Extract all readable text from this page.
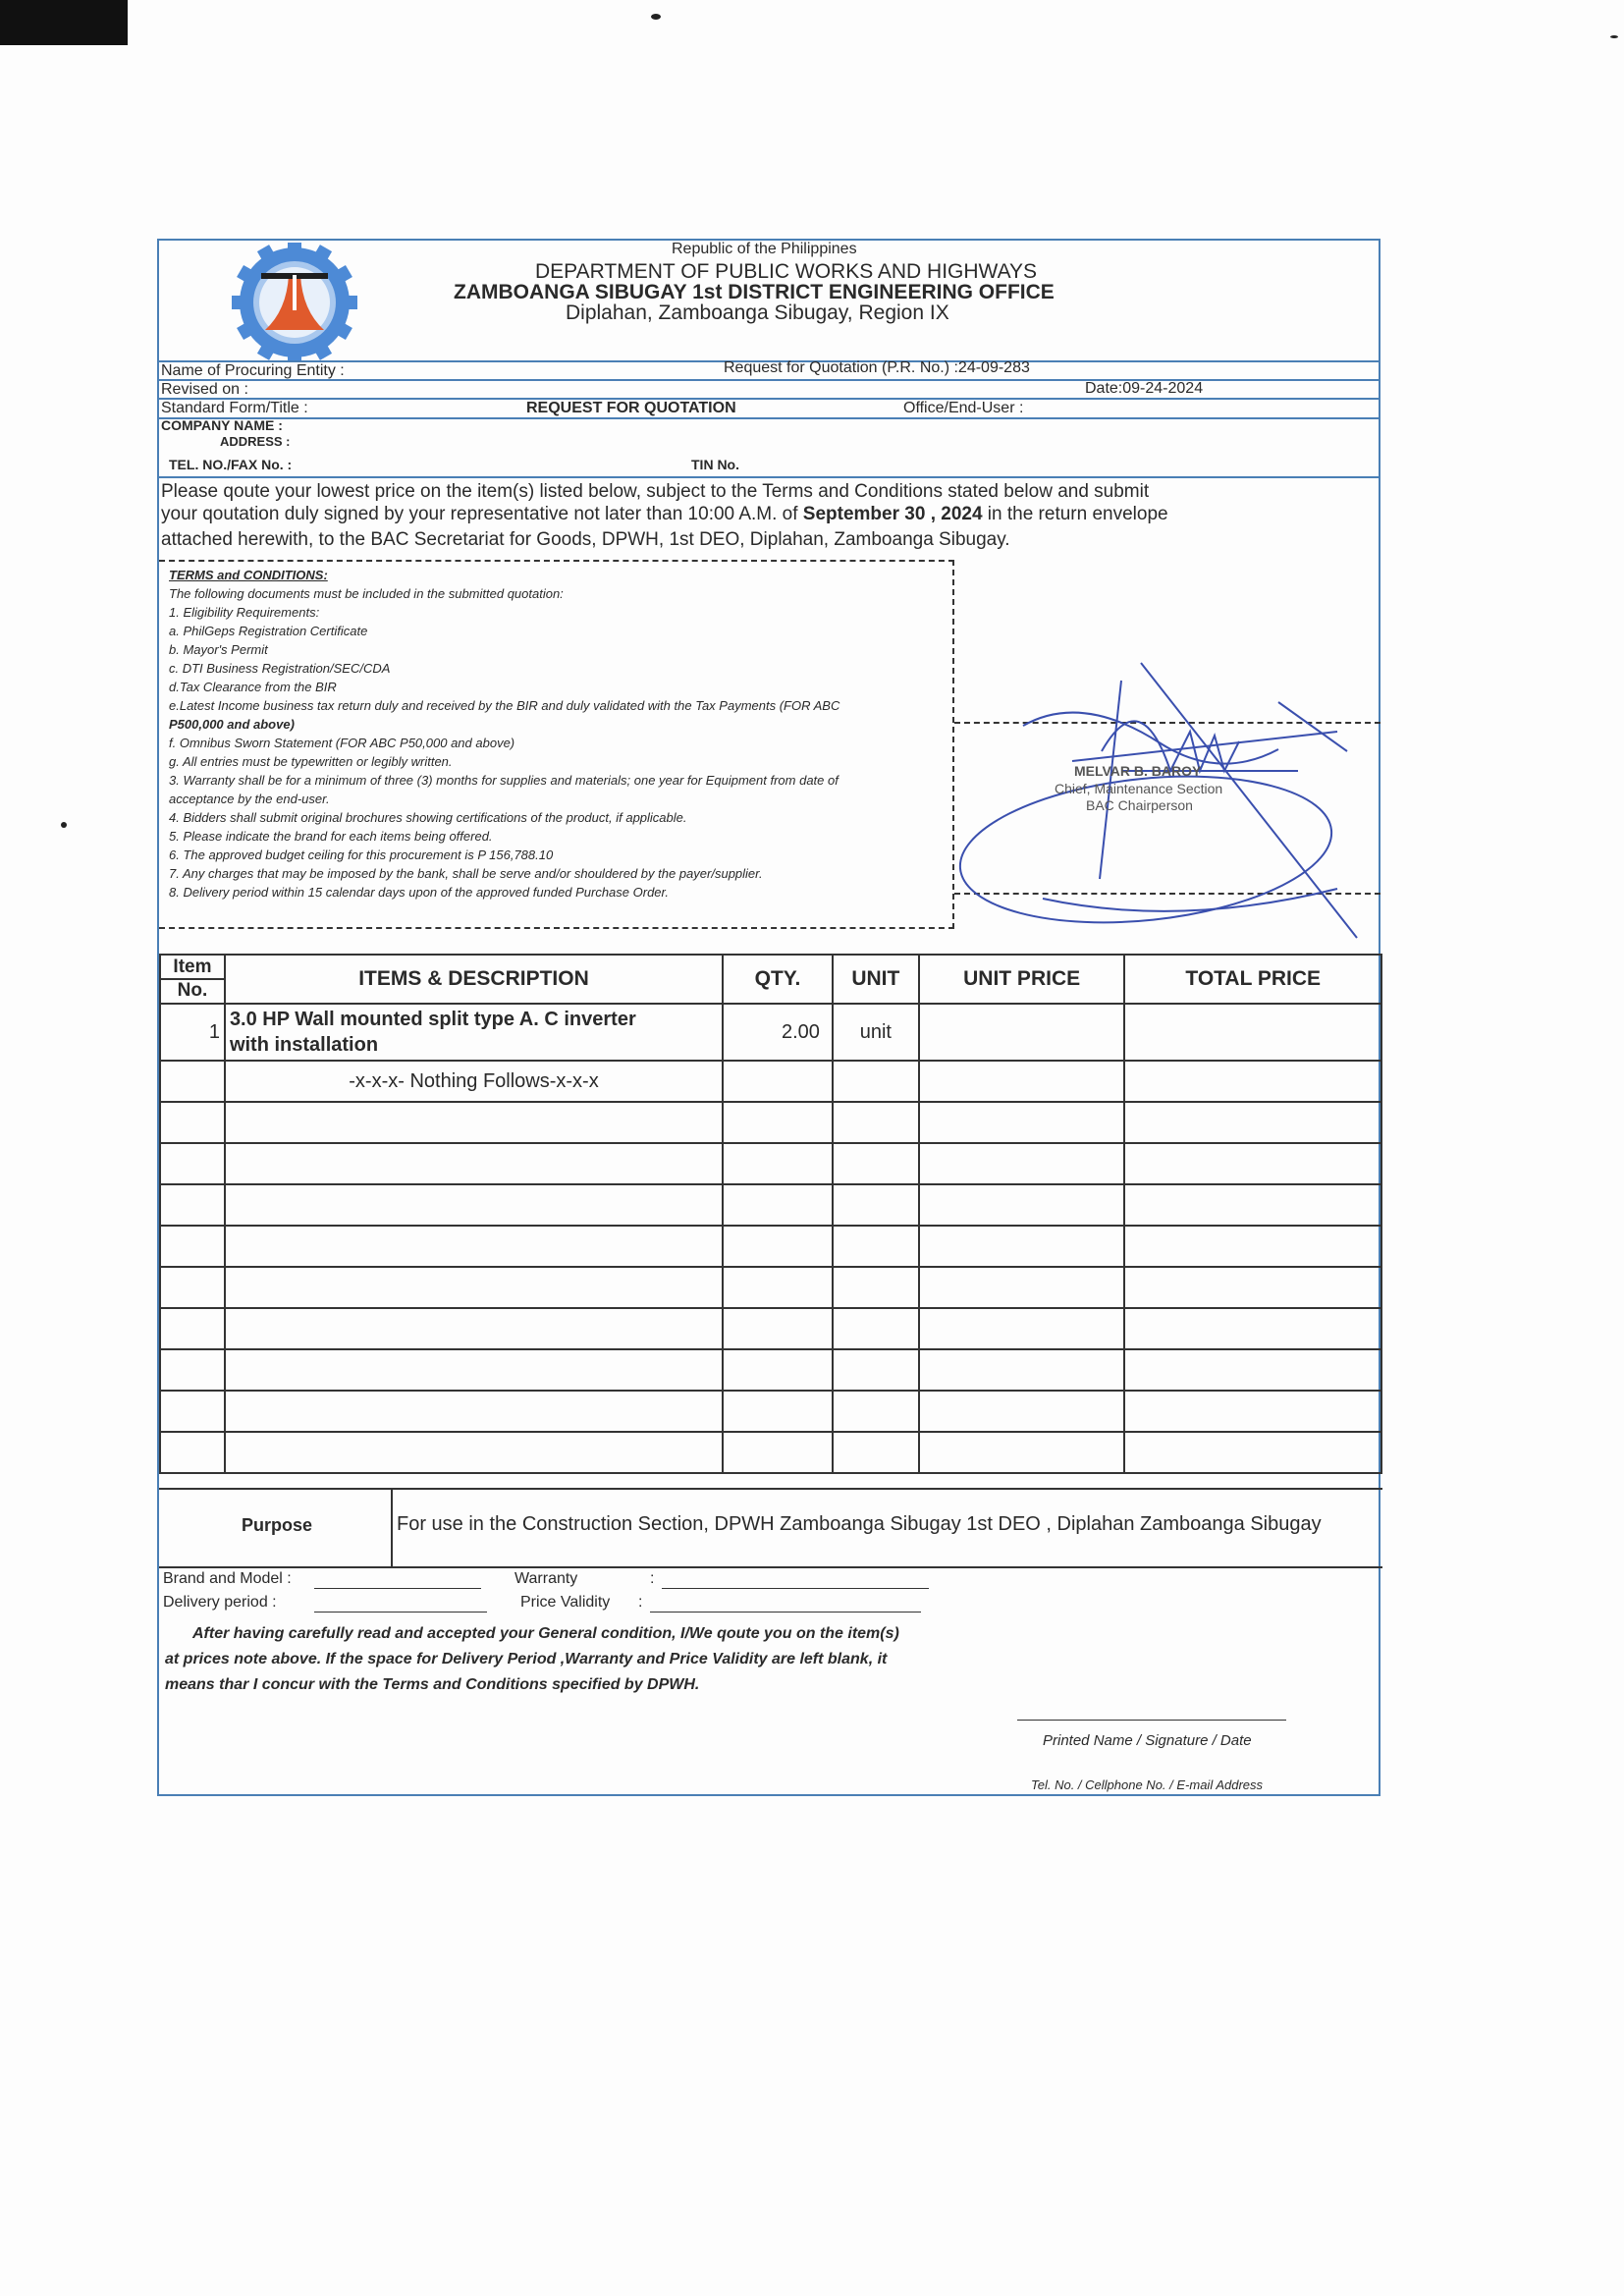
Republic of the Philippines
DEPARTMENT OF PUBLIC WORKS AND HIGHWAYS
ZAMBOANGA SIBUGAY 1st DISTRICT ENGINEERING OFFICE
Diplahan, Zamboanga Sibugay, Region IX
Name of Procuring Entity :	Request for Quotation (P.R. No.) :24-09-283
Revised on :	Date:09-24-2024
Standard Form/Title :	REQUEST FOR QUOTATION	Office/End-User :
COMPANY NAME :
ADDRESS :
TEL. NO./FAX No. :	TIN No.
Please qoute your lowest price on the item(s) listed below, subject to the Terms and Conditions stated below and submit
your qoutation duly signed by your representative not later than 10:00 A.M. of September 30 , 2024 in the return envelope
attached herewith, to the BAC Secretariat for Goods, DPWH, 1st DEO, Diplahan, Zamboanga Sibugay.
TERMS and CONDITIONS:
The following documents must be included in the submitted quotation:
1. Eligibility Requirements:
a. PhilGeps Registration Certificate
b. Mayor's Permit
c. DTI Business Registration/SEC/CDA
d.Tax Clearance from the BIR
e.Latest Income business tax return duly and received by the BIR and duly validated with the Tax Payments (FOR ABC
P500,000 and above)
f. Omnibus Sworn Statement (FOR ABC P50,000 and above)
g. All entries must be typewritten or legibly written.
3. Warranty shall be for a minimum of three (3) months for supplies and materials; one year for Equipment from date of
acceptance by the end-user.
4. Bidders shall submit original brochures showing certifications of the product, if applicable.
5. Please indicate the brand for each items being offered.
6. The approved budget ceiling for this procurement is P 156,788.10
7. Any charges that may be imposed by the bank, shall be serve and/or shouldered by the payer/supplier.
8. Delivery period within 15 calendar days upon of the approved funded Purchase Order.
MELVAR B. BAROY
Chief, Maintenance Section
BAC Chairperson
Item
No.	ITEMS & DESCRIPTION	QTY.	UNIT	UNIT PRICE	TOTAL PRICE
1	3.0 HP Wall mounted split type A. C inverter
with installation	2.00	unit		
	-x-x-x- Nothing Follows-x-x-x				

Purpose	For use in the Construction Section, DPWH Zamboanga Sibugay 1st DEO , Diplahan Zamboanga Sibugay
Brand and Model :	Warranty	:
Delivery period :	Price Validity :
After having carefully read and accepted your General condition, I/We qoute you on the item(s)
at prices note above. If the space for Delivery Period ,Warranty and Price Validity are left blank, it
means thar I concur with the Terms and Conditions specified by DPWH.
Printed Name / Signature / Date
Tel. No. / Cellphone No. / E-mail Address
